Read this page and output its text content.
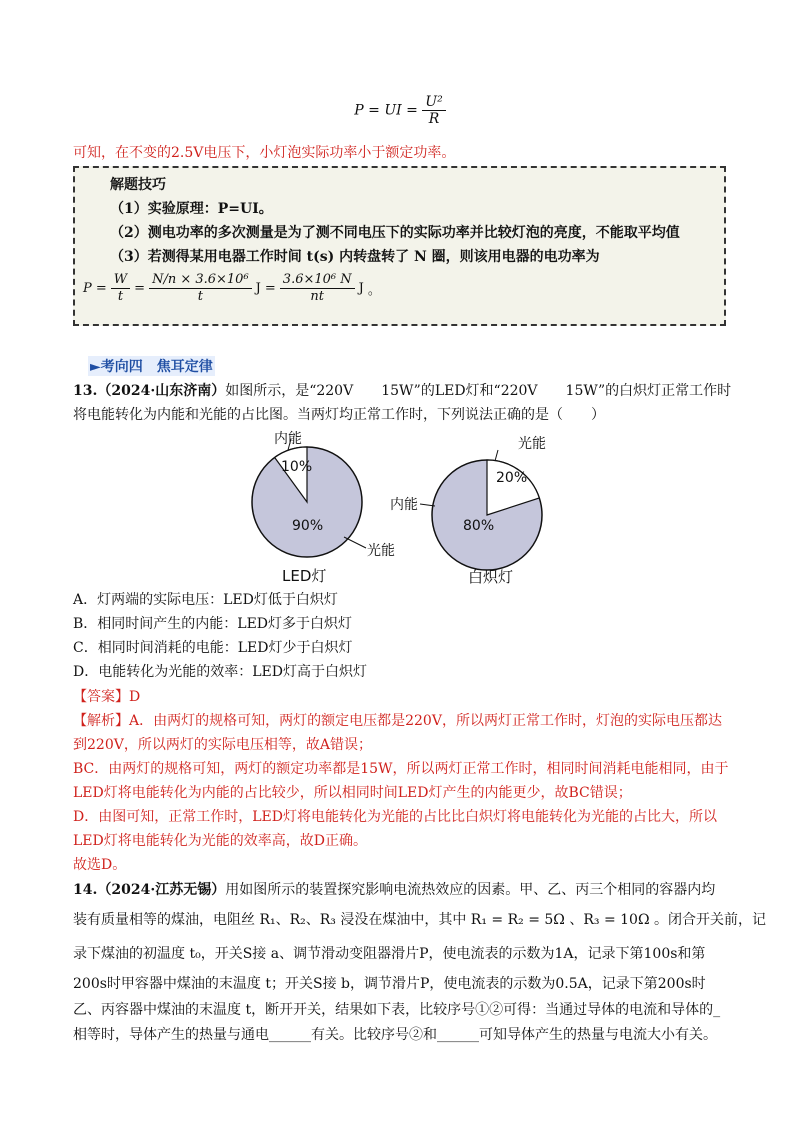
P = UI = $\frac{\text{U²}}{R}$
可知，在不变的2.5V电压下，小灯泡实际功率小于额定功率。
解题技巧
（1）实验原理：P=UI。
（2）测电功率的多次测量是为了测不同电压下的实际功率并比较灯泡的亮度，不能取平均值
（3）若测得某用电器工作时间 t(s) 内转盘转了 N 圈，则该用电器的电功率为
$P = \frac{W}{t} = \frac{\text{N/n × 3.6×10⁶}}{t}$ $J = \frac{\text{3.6×10⁶ N}}{nt}$ J 。
►考向四　焦耳定律
13.（2024·山东济南）如图所示，是“220V　　15W”的LED灯和“220V　　15W”的白炽灯正常工作时
将电能转化为内能和光能的占比图。当两灯均正常工作时，下列说法正确的是（　　）
内能
10%
90%
光能
LED灯
光能
20%
内能
80%
白炽灯
A．灯两端的实际电压：LED灯低于白炽灯
B．相同时间产生的内能：LED灯多于白炽灯
C．相同时间消耗的电能：LED灯少于白炽灯
D．电能转化为光能的效率：LED灯高于白炽灯
【答案】D
【解析】A．由两灯的规格可知，两灯的额定电压都是220V，所以两灯正常工作时，灯泡的实际电压都达
到220V，所以两灯的实际电压相等，故A错误；
BC．由两灯的规格可知，两灯的额定功率都是15W，所以两灯正常工作时，相同时间消耗电能相同，由于
LED灯将电能转化为内能的占比较少，所以相同时间LED灯产生的内能更少，故BC错误；
D．由图可知，正常工作时，LED灯将电能转化为光能的占比比白炽灯将电能转化为光能的占比大，所以
LED灯将电能转化为光能的效率高，故D正确。
故选D。
14.（2024·江苏无锡）用如图所示的装置探究影响电流热效应的因素。甲、乙、丙三个相同的容器内均
装有质量相等的煤油，电阻丝 R₁、R₂、R₃ 浸没在煤油中，其中 R₁ = R₂ = 5Ω 、R₃ = 10Ω 。闭合开关前，记
录下煤油的初温度 t₀，开关S接 a、调节滑动变阻器滑片P，使电流表的示数为1A，记录下第100s和第
200s时甲容器中煤油的末温度 t；开关S接 b，调节滑片P，使电流表的示数为0.5A，记录下第200s时
乙、丙容器中煤油的末温度 t，断开开关，结果如下表，比较序号①②可得：当通过导体的电流和导体的_
相等时，导体产生的热量与通电______有关。比较序号②和______可知导体产生的热量与电流大小有关。
